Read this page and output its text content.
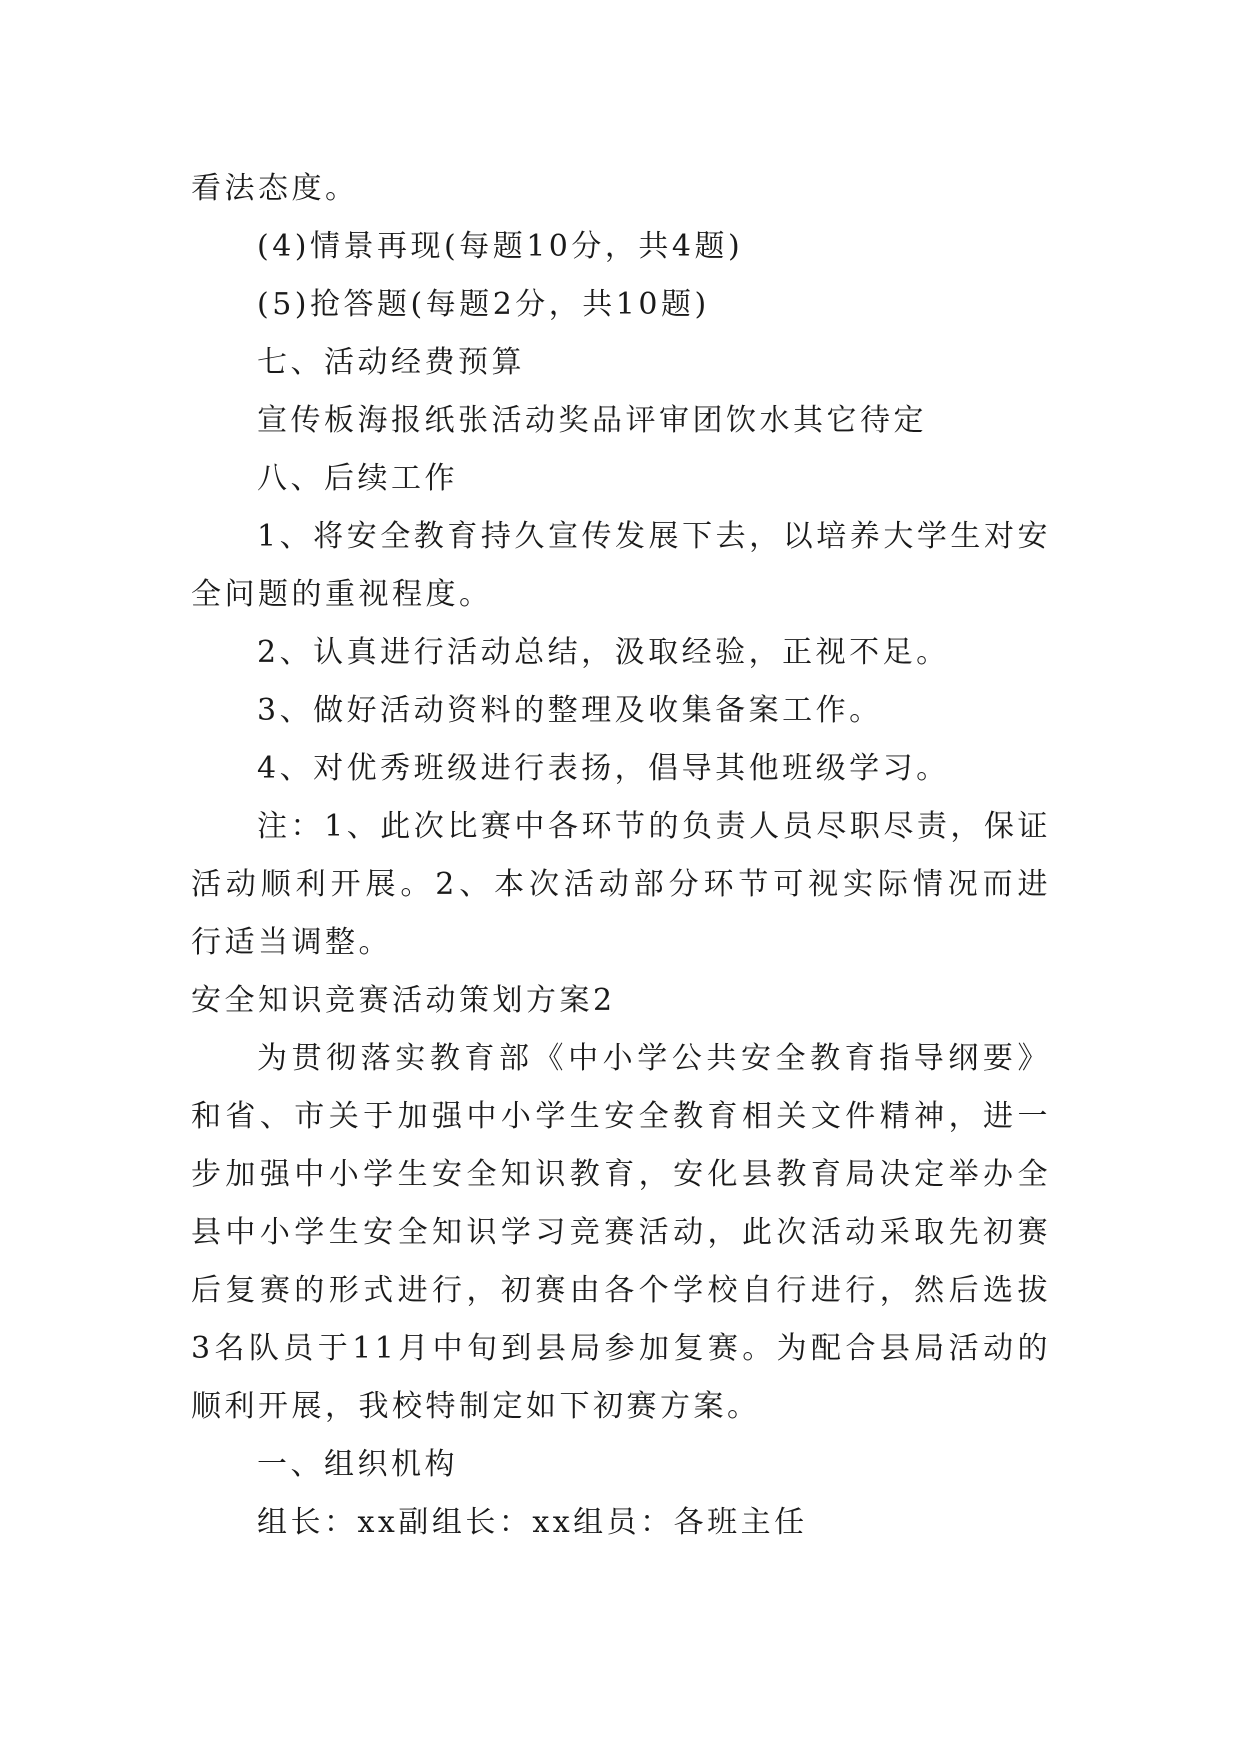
看法态度。

(4)情景再现(每题10分，共4题)

(5)抢答题(每题2分，共10题)

七、活动经费预算

宣传板海报纸张活动奖品评审团饮水其它待定

八、后续工作

1、将安全教育持久宣传发展下去，以培养大学生对安全问题的重视程度。

2、认真进行活动总结，汲取经验，正视不足。

3、做好活动资料的整理及收集备案工作。

4、对优秀班级进行表扬，倡导其他班级学习。

注：1、此次比赛中各环节的负责人员尽职尽责，保证活动顺利开展。2、本次活动部分环节可视实际情况而进行适当调整。

安全知识竞赛活动策划方案2

为贯彻落实教育部《中小学公共安全教育指导纲要》和省、市关于加强中小学生安全教育相关文件精神，进一步加强中小学生安全知识教育，安化县教育局决定举办全县中小学生安全知识学习竞赛活动，此次活动采取先初赛后复赛的形式进行，初赛由各个学校自行进行，然后选拔3名队员于11月中旬到县局参加复赛。为配合县局活动的顺利开展，我校特制定如下初赛方案。

一、组织机构

组长：xx副组长：xx组员：各班主任
